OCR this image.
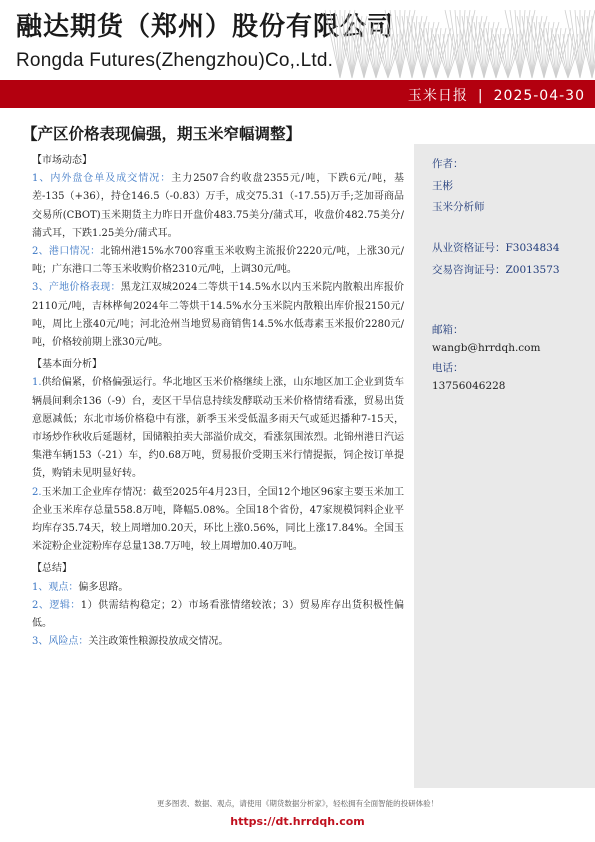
融达期货（郑州）股份有限公司
Rongda Futures(Zhengzhou)Co,.Ltd.
玉米日报 | 2025-04-30
【产区价格表现偏强，期玉米窄幅调整】
作者：
王彬
玉米分析师
从业资格证号：F3034834
交易咨询证号：Z0013573
邮箱：
wangb@hrrdqh.com
电话：
13756046228

【市场动态】

1、内外盘仓单及成交情况：主力2507合约收盘2355元/吨，下跌6元/吨，基差-135（+36），持仓146.5（-0.83）万手，成交75.31（-17.55)万手;芝加哥商品交易所(CBOT)玉米期货主力昨日开盘价483.75美分/蒲式耳，收盘价482.75美分/蒲式耳，下跌1.25美分/蒲式耳。

2、港口情况：北锦州港15%水700容重玉米收购主流报价2220元/吨，上涨30元/吨；广东港口二等玉米收购价格2310元/吨，上调30元/吨。

3、产地价格表现：黑龙江双城2024二等烘干14.5%水以内玉米院内散粮出库报价2110元/吨，吉林桦甸2024年二等烘干14.5%水分玉米院内散粮出库价报2150元/吨，周比上涨40元/吨；河北沧州当地贸易商销售14.5%水低毒素玉米报价2280元/吨，价格较前期上涨30元/吨。

【基本面分析】

1.供给偏紧，价格偏强运行。华北地区玉米价格继续上涨，山东地区加工企业到货车辆晨间剩余136（-9）台，麦区干旱信息持续发酵联动玉米价格情绪看涨，贸易出货意愿减低；东北市场价格稳中有涨，新季玉米受低温多雨天气或延迟播种7-15天，市场炒作秋收后延题材，国储粮拍卖大部溢价成交，看涨氛围浓烈。北锦州港日汽运集港车辆153（-21）车，约0.68万吨，贸易报价受期玉米行情提振，饲企按订单提货，购销未见明显好转。

2.玉米加工企业库存情况：截至2025年4月23日，全国12个地区96家主要玉米加工企业玉米库存总量558.8万吨，降幅5.08%。全国18个省份，47家规模饲料企业平均库存35.74天，较上周增加0.20天，环比上涨0.56%，同比上涨17.84%。全国玉米淀粉企业淀粉库存总量138.7万吨，较上周增加0.40万吨。

【总结】

1、观点：偏多思路。

2、逻辑：1）供需结构稳定；2）市场看涨情绪较浓；3）贸易库存出货积极性偏低。

3、风险点：关注政策性粮源投放成交情况。

更多图表、数据、观点，请使用《期货数据分析家》，轻松拥有全面智能的投研体验！
https://dt.hrrdqh.com
